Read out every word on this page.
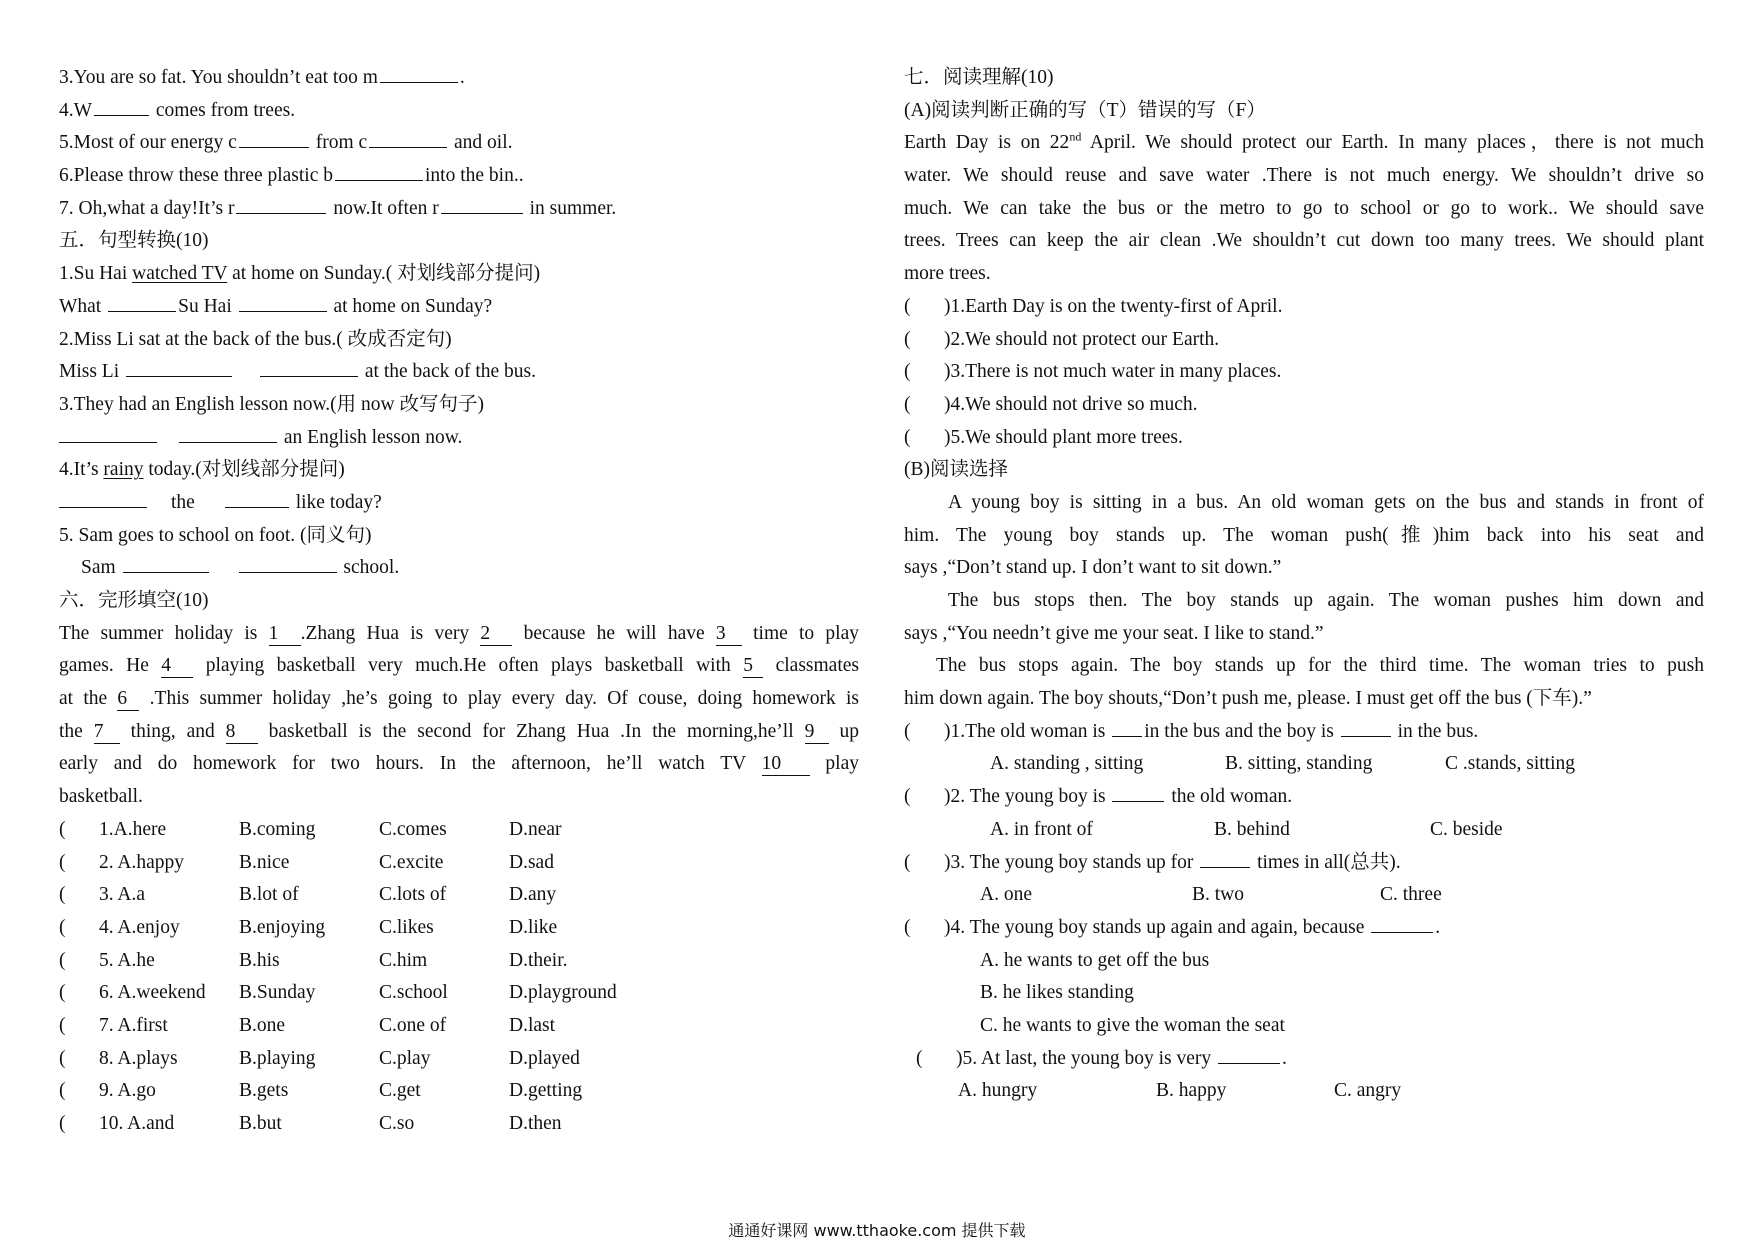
3.You are so fat. You shouldn’t eat too m	.
4.W	comes from trees.
5.Most of our energy c	from c	and oil.
6.Please throw these three plastic b	into the bin..
7. Oh,what a day!It’s r	now.It often r	in summer.
五．句型转换(10)
1.Su Hai watched TV at home on Sunday.( 对划线部分提问)
What	Su Hai	at home on Sunday?
2.Miss Li sat at the back of the bus.( 改成否定句)
Miss Li	at the back of the bus.
3.They had an English lesson now.(用 now 改写句子)
an English lesson now.
4.It’s rainy today.(对划线部分提问)
the	like today?
5. Sam goes to school on foot. (同义句)
Sam	school.
六．完形填空(10)
The summer holiday is 1 .Zhang Hua is very 2 because he will have 3 time to play
games. He 4 playing basketball very much.He often plays basketball with 5 classmates
at the 6 .This summer holiday ,he’s going to play every day. Of couse, doing homework is
the 7 thing, and 8 basketball is the second for Zhang Hua .In the morning,he’ll 9 up
early and do homework for two hours. In the afternoon, he’ll watch TV 10 play
basketball.
( 1.A.here	B.coming	C.comes	D.near
( 2. A.happy	B.nice	C.excite	D.sad
( 3. A.a	B.lot of	C.lots of	D.any
( 4. A.enjoy	B.enjoying	C.likes	D.like
( 5. A.he	B.his	C.him	D.their.
( 6. A.weekend B.Sunday	C.school	D.playground
( 7. A.first	B.one	C.one of	D.last
( 8. A.plays	B.playing	C.play	D.played
( 9. A.go	B.gets	C.get	D.getting
( 10. A.and	B.but	C.so	D.then
七．阅读理解(10)
(A)阅读判断正确的写（T）错误的写（F）
Earth Day is on 22nd April. We should protect our Earth. In many places，there is not much
water. We should reuse and save water .There is not much energy. We shouldn’t drive so
much. We can take the bus or the metro to go to school or go to work.. We should save
trees. Trees can keep the air clean .We shouldn’t cut down too many trees. We should plant
more trees.
( )1.Earth Day is on the twenty-first of April.
( )2.We should not protect our Earth.
( )3.There is not much water in many places.
( )4.We should not drive so much.
( )5.We should plant more trees.
(B)阅读选择
A young boy is sitting in a bus. An old woman gets on the bus and stands in front of
him. The young boy stands up. The woman push(推)him back into his seat and
says ,“Don’t stand up. I don’t want to sit down.”
The bus stops then. The boy stands up again. The woman pushes him down and
says ,“You needn’t give me your seat. I like to stand.”
The bus stops again. The boy stands up for the third time. The woman tries to push
him down again. The boy shouts,“Don’t push me, please. I must get off the bus (下车).”
( )1.The old woman is in the bus and the boy is	in the bus.
A. standing , sitting	B. sitting, standing	C .stands, sitting
( )2. The young boy is	the old woman.
A. in front of	B. behind	C. beside
( )3. The young boy stands up for	times in all(总共).
A. one	B. two	C. three
( )4. The young boy stands up again and again, because	.
A. he wants to get off the bus
B. he likes standing
C. he wants to give the woman the seat
( )5. At last, the young boy is very	.
A. hungry	B. happy	C. angry
通通好课网 www.tthaoke.com 提供下载
